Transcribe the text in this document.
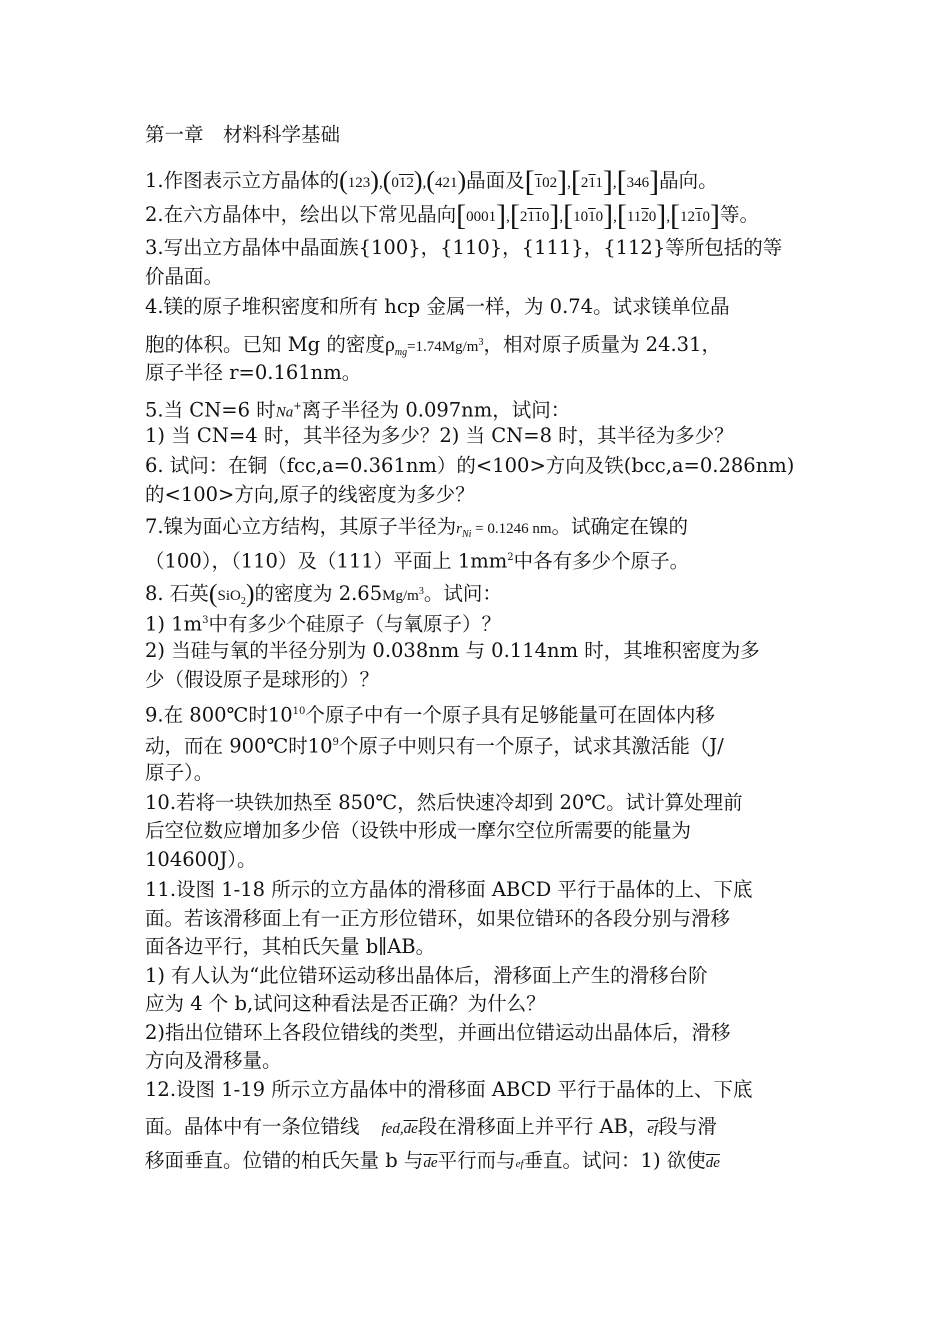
第一章　材料科学基础
1.作图表示立方晶体的(123),(012),(421)晶面及[102],[211],[346]晶向。
2.在六方晶体中，绘出以下常见晶向[0001],[2110],[1010],[1120],[1210]等。
3.写出立方晶体中晶面族{100}，{110}，{111}，{112}等所包括的等
价晶面。
4.镁的原子堆积密度和所有 hcp 金属一样，为 0.74。试求镁单位晶
胞的体积。已知 Mg 的密度$\rho_{mg}=1.74Mg/m^3$，相对原子质量为 24.31，
原子半径 r=0.161nm。
5.当 CN=6 时Na+离子半径为 0.097nm，试问：
1) 当 CN=4 时，其半径为多少？2) 当 CN=8 时，其半径为多少？
6. 试问：在铜（fcc,a=0.361nm）的<100>方向及铁(bcc,a=0.286nm)
的<100>方向,原子的线密度为多少？
7.镍为面心立方结构，其原子半径为$r_{Ni} = 0.1246$ nm。试确定在镍的
（100），（110）及（111）平面上 $1mm^2$中各有多少个原子。
8. 石英(SiO$_2$)的密度为 $2.65Mg/m^3$。试问：
1) $1m^3$中有多少个硅原子（与氧原子）？
2) 当硅与氧的半径分别为 0.038nm 与 0.114nm 时，其堆积密度为多
少（假设原子是球形的）？
9.在 800℃时$10^{10}$个原子中有一个原子具有足够能量可在固体内移
动，而在 900℃时$10^9$个原子中则只有一个原子，试求其激活能（J/
原子）。
10.若将一块铁加热至 850℃，然后快速冷却到 20℃。试计算处理前
后空位数应增加多少倍（设铁中形成一摩尔空位所需要的能量为
104600J）。
11.设图 1-18 所示的立方晶体的滑移面 ABCD 平行于晶体的上、下底
面。若该滑移面上有一正方形位错环，如果位错环的各段分别与滑移
面各边平行，其柏氏矢量 b∥AB。
1) 有人认为“此位错环运动移出晶体后，滑移面上产生的滑移台阶
应为 4 个 b,试问这种看法是否正确？为什么？
2)指出位错环上各段位错线的类型，并画出位错运动出晶体后，滑移
方向及滑移量。
12.设图 1-19 所示立方晶体中的滑移面 ABCD 平行于晶体的上、下底
面。晶体中有一条位错线 $fed,\overline{de}$段在滑移面上并平行 AB，$\overline{ef}$段与滑
移面垂直。位错的柏氏矢量 b 与$\overline{de}$平行而与ef垂直。试问：1) 欲使$\overline{de}$
